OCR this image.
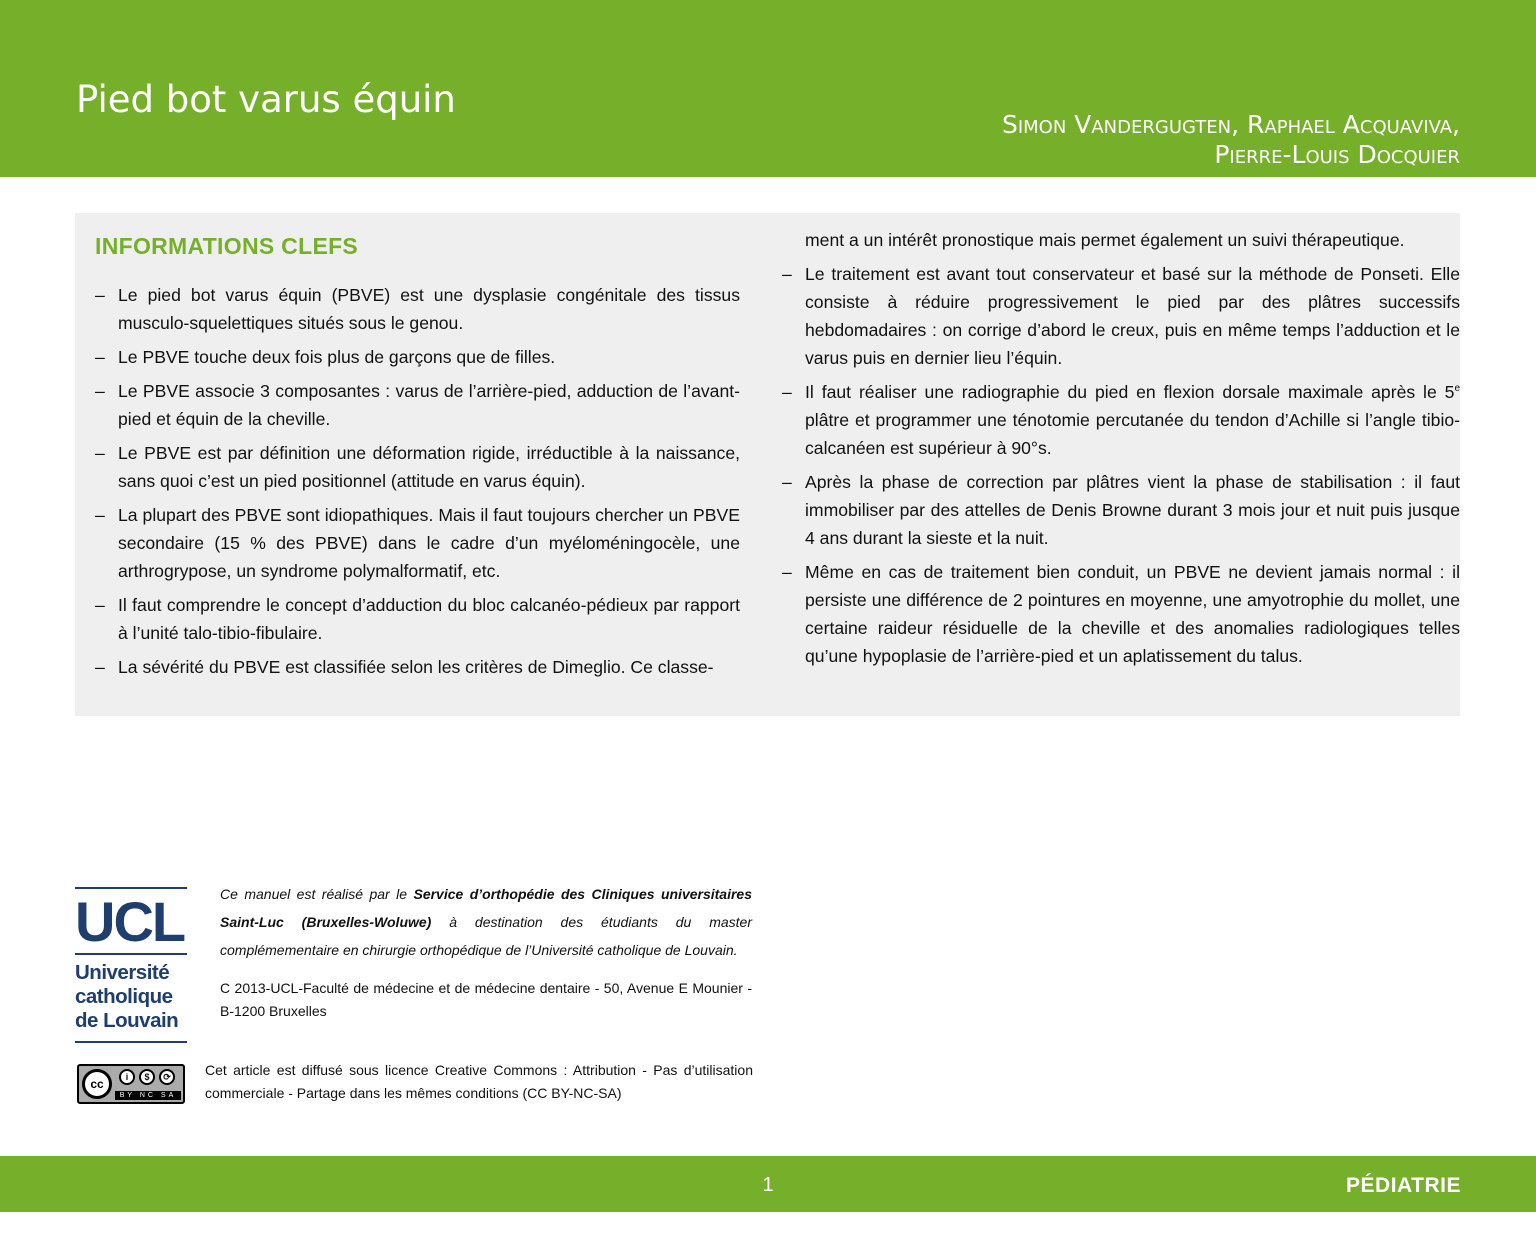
Pied bot varus équin
Simon Vandergugten, Raphael Acquaviva,
Pierre-Louis Docquier
INFORMATIONS CLEFS
– Le pied bot varus équin (PBVE) est une dysplasie congénitale des tissus musculo-squelettiques situés sous le genou.
– Le PBVE touche deux fois plus de garçons que de filles.
– Le PBVE associe 3 composantes : varus de l’arrière-pied, adduction de l’avant-pied et équin de la cheville.
– Le PBVE est par définition une déformation rigide, irréductible à la naissance, sans quoi c’est un pied positionnel (attitude en varus équin).
– La plupart des PBVE sont idiopathiques. Mais il faut toujours chercher un PBVE secondaire (15 % des PBVE) dans le cadre d’un myéloméningocèle, une arthrogrypose, un syndrome polymalformatif, etc.
– Il faut comprendre le concept d’adduction du bloc calcanéo-pédieux par rapport à l’unité talo-tibio-fibulaire.
– La sévérité du PBVE est classifiée selon les critères de Dimeglio. Ce classe-
ment a un intérêt pronostique mais permet également un suivi thérapeutique.
– Le traitement est avant tout conservateur et basé sur la méthode de Ponseti. Elle consiste à réduire progressivement le pied par des plâtres successifs hebdomadaires : on corrige d’abord le creux, puis en même temps l’adduction et le varus puis en dernier lieu l’équin.
– Il faut réaliser une radiographie du pied en flexion dorsale maximale après le 5e plâtre et programmer une ténotomie percutanée du tendon d’Achille si l’angle tibio-calcanéen est supérieur à 90°s.
– Après la phase de correction par plâtres vient la phase de stabilisation : il faut immobiliser par des attelles de Denis Browne durant 3 mois jour et nuit puis jusque 4 ans durant la sieste et la nuit.
– Même en cas de traitement bien conduit, un PBVE ne devient jamais normal : il persiste une différence de 2 pointures en moyenne, une amyotrophie du mollet, une certaine raideur résiduelle de la cheville et des anomalies radiologiques telles qu’une hypoplasie de l’arrière-pied et un aplatissement du talus.
UCL
Université
catholique
de Louvain
Ce manuel est réalisé par le Service d’orthopédie des Cliniques universitaires Saint-Luc (Bruxelles-Woluwe) à destination des étudiants du master complémementaire en chirurgie orthopédique de l’Université catholique de Louvain.
C 2013-UCL-Faculté de médecine et de médecine dentaire - 50, Avenue E Mounier - B-1200 Bruxelles
cc	i	$	⟳
BY NC SA
Cet article est diffusé sous licence Creative Commons : Attribution - Pas d’utilisation commerciale - Partage dans les mêmes conditions (CC BY-NC-SA)
1	PÉDIATRIE
